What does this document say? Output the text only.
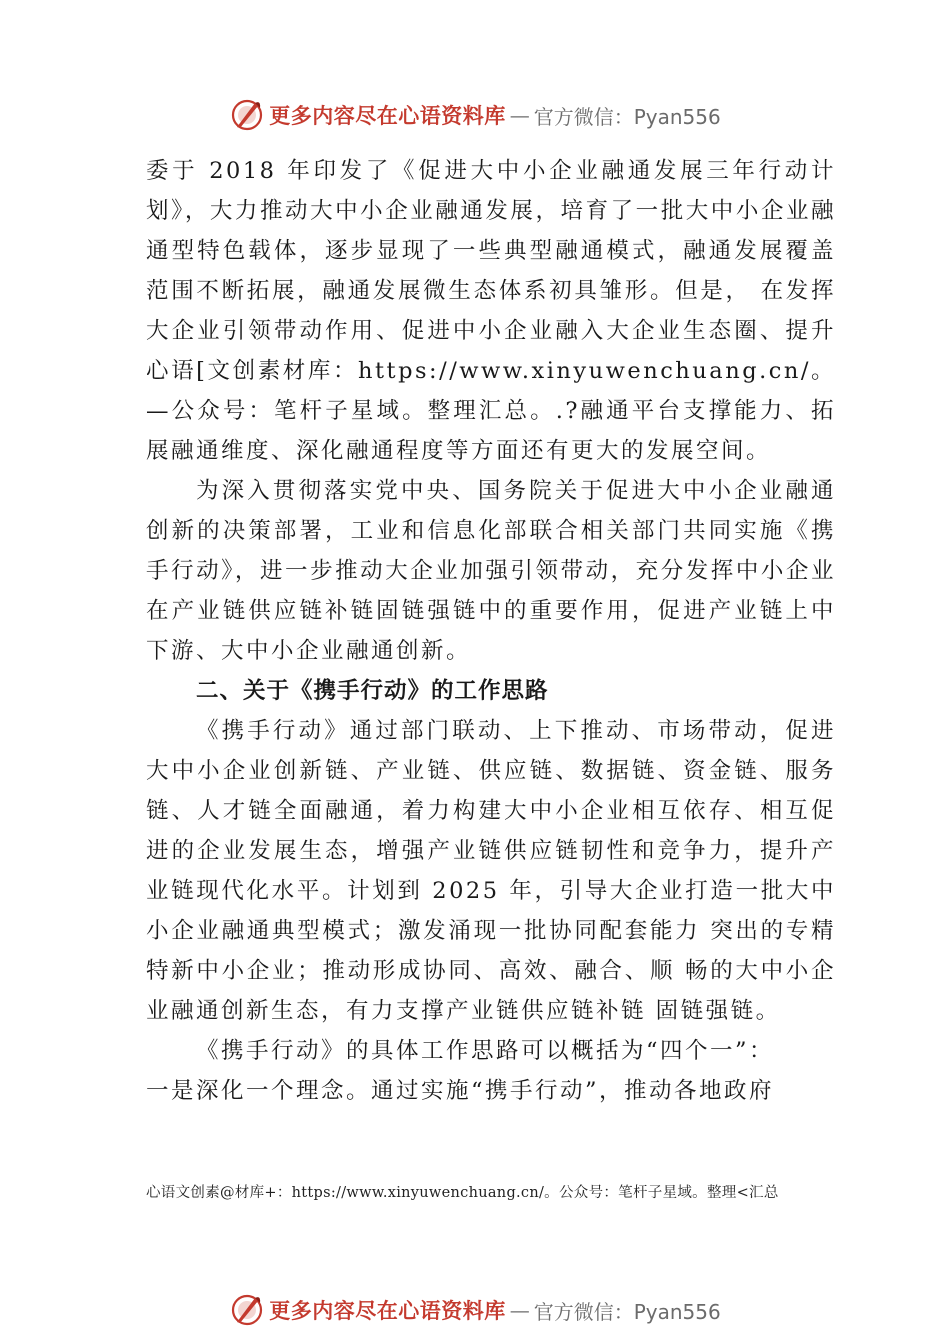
更多内容尽在心语资料库 — 官方微信：Pyan556

委于 2018 年印发了《促进大中小企业融通发展三年行动计划》，大力推动大中小企业融通发展，培育了一批大中小企业融通型特色载体，逐步显现了一些典型融通模式，融通发展覆盖范围不断拓展，融通发展微生态体系初具雏形。但是， 在发挥大企业引领带动作用、促进中小企业融入大企业生态圈、提升心语[文创素材库：https://www.xinyuwenchuang.cn/。—公众号：笔杆子星域。整理汇总。.?融通平台支撑能力、拓展融通维度、深化融通程度等方面还有更大的发展空间。

为深入贯彻落实党中央、国务院关于促进大中小企业融通创新的决策部署，工业和信息化部联合相关部门共同实施《携手行动》，进一步推动大企业加强引领带动，充分发挥中小企业在产业链供应链补链固链强链中的重要作用，促进产业链上中下游、大中小企业融通创新。

二、关于《携手行动》的工作思路

《携手行动》通过部门联动、上下推动、市场带动，促进大中小企业创新链、产业链、供应链、数据链、资金链、服务链、人才链全面融通，着力构建大中小企业相互依存、相互促进的企业发展生态，增强产业链供应链韧性和竞争力，提升产业链现代化水平。计划到 2025 年，引导大企业打造一批大中小企业融通典型模式；激发涌现一批协同配套能力 突出的专精特新中小企业；推动形成协同、高效、融合、顺 畅的大中小企业融通创新生态，有力支撑产业链供应链补链 固链强链。

《携手行动》的具体工作思路可以概括为“四个一”：

一是深化一个理念。通过实施“携手行动”，推动各地政府

心语文创素@材库+：https://www.xinyuwenchuang.cn/。公众号：笔杆子星域。整理<汇总
更多内容尽在心语资料库 — 官方微信：Pyan556
